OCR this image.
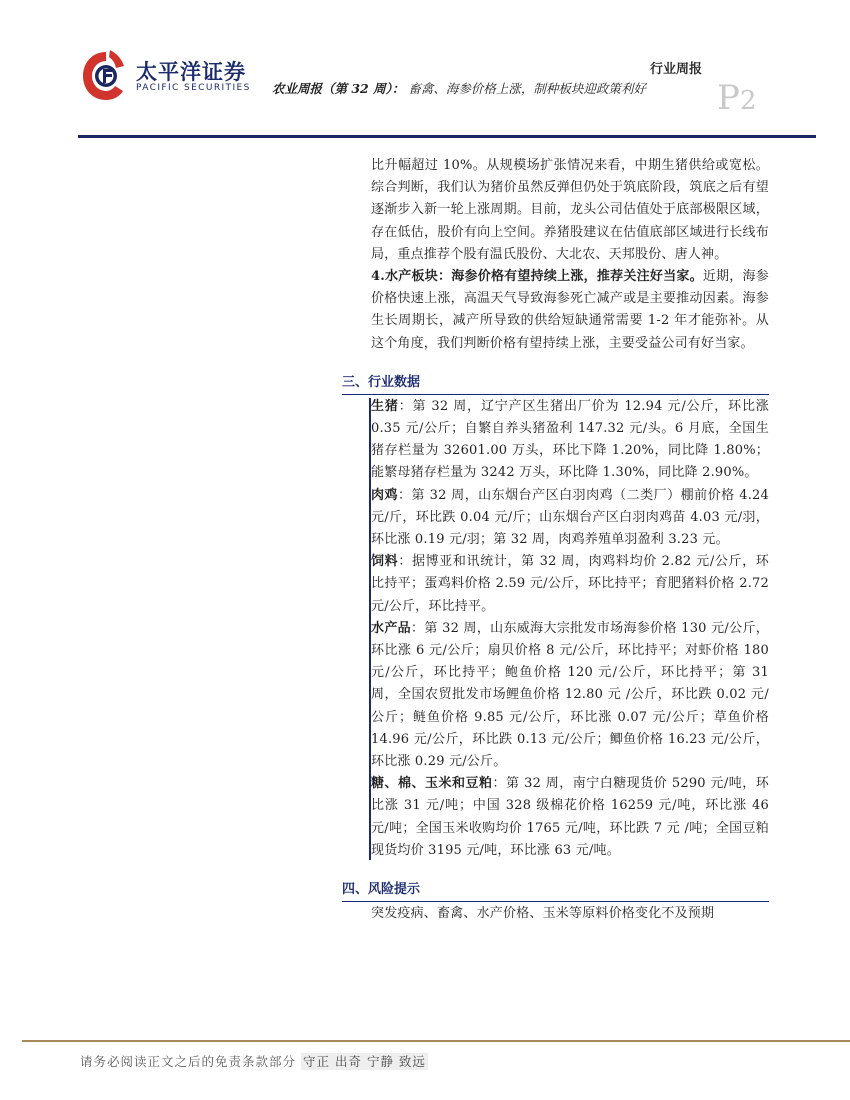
太平洋证券
PACIFIC SECURITIES
行业周报
农业周报（第 32 周）： 畜禽、海参价格上涨，制种板块迎政策利好 P2

比升幅超过 10%。从规模场扩张情况来看，中期生猪供给或宽松。综合判断，我们认为猪价虽然反弹但仍处于筑底阶段，筑底之后有望逐渐步入新一轮上涨周期。目前，龙头公司估值处于底部极限区域，存在低估，股价有向上空间。养猪股建议在估值底部区域进行长线布局，重点推荐个股有温氏股份、大北农、天邦股份、唐人神。

4.水产板块：海参价格有望持续上涨，推荐关注好当家。近期，海参价格快速上涨，高温天气导致海参死亡减产或是主要推动因素。海参生长周期长，减产所导致的供给短缺通常需要 1-2 年才能弥补。从这个角度，我们判断价格有望持续上涨，主要受益公司有好当家。

三、行业数据

生猪：第 32 周，辽宁产区生猪出厂价为 12.94 元/公斤，环比涨 0.35 元/公斤；自繁自养头猪盈利 147.32 元/头。6 月底，全国生猪存栏量为 32601.00 万头，环比下降 1.20%，同比降 1.80%；能繁母猪存栏量为 3242 万头，环比降 1.30%，同比降 2.90%。

肉鸡：第 32 周，山东烟台产区白羽肉鸡（二类厂）棚前价格 4.24 元/斤，环比跌 0.04 元/斤；山东烟台产区白羽肉鸡苗 4.03 元/羽，环比涨 0.19 元/羽；第 32 周，肉鸡养殖单羽盈利 3.23 元。

饲料：据博亚和讯统计，第 32 周，肉鸡料均价 2.82 元/公斤，环比持平；蛋鸡料价格 2.59 元/公斤，环比持平；育肥猪料价格 2.72 元/公斤，环比持平。

水产品：第 32 周，山东威海大宗批发市场海参价格 130 元/公斤，环比涨 6 元/公斤；扇贝价格 8 元/公斤，环比持平；对虾价格 180 元/公斤，环比持平；鲍鱼价格 120 元/公斤，环比持平；第 31 周，全国农贸批发市场鲤鱼价格 12.80 元 /公斤，环比跌 0.02 元/公斤；鲢鱼价格 9.85 元/公斤，环比涨 0.07 元/公斤；草鱼价格 14.96 元/公斤，环比跌 0.13 元/公斤；鲫鱼价格 16.23 元/公斤，环比涨 0.29 元/公斤。

糖、棉、玉米和豆粕：第 32 周，南宁白糖现货价 5290 元/吨，环比涨 31 元/吨；中国 328 级棉花价格 16259 元/吨，环比涨 46 元/吨；全国玉米收购均价 1765 元/吨，环比跌 7 元 /吨；全国豆粕现货均价 3195 元/吨，环比涨 63 元/吨。

四、风险提示

突发疫病、畜禽、水产价格、玉米等原料价格变化不及预期

请务必阅读正文之后的免责条款部分 守正 出奇 宁静 致远
